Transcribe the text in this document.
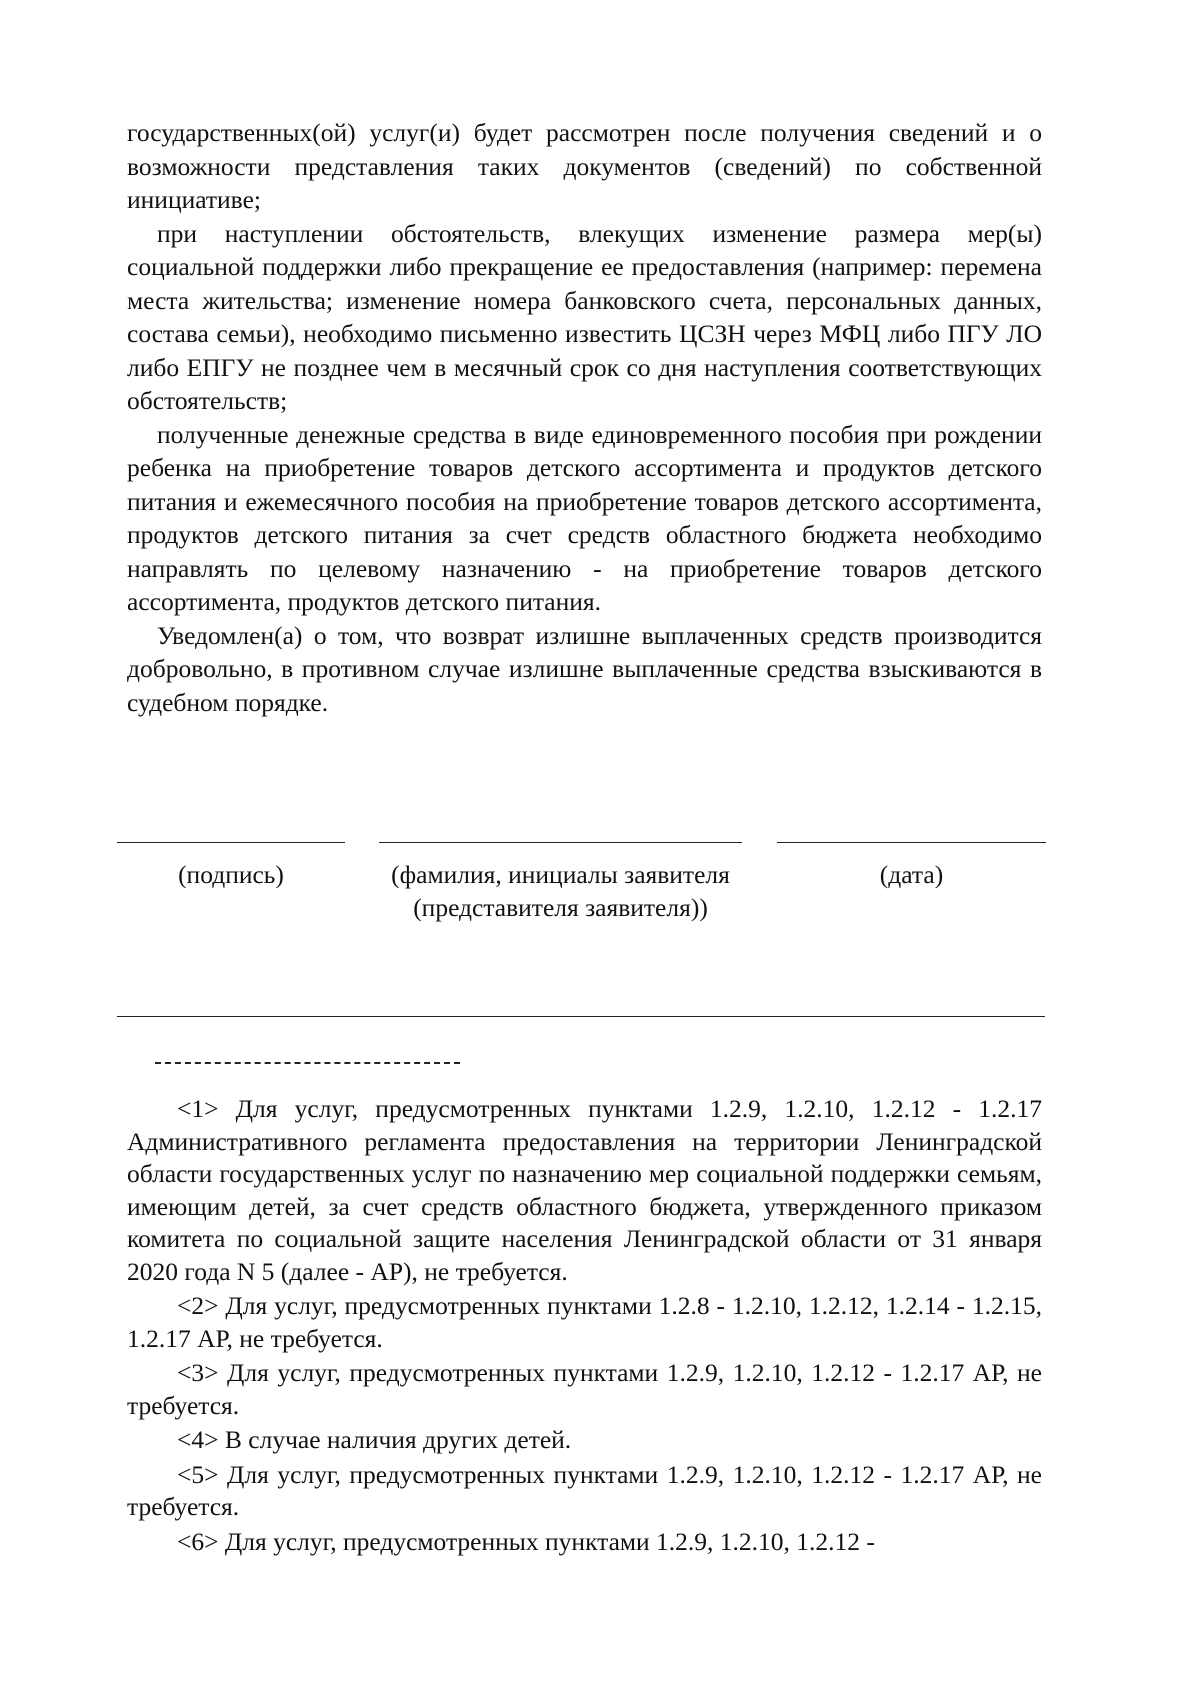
государственных(ой) услуг(и) будет рассмотрен после получения сведений и о возможности представления таких документов (сведений) по собственной инициативе;

при наступлении обстоятельств, влекущих изменение размера мер(ы) социальной поддержки либо прекращение ее предоставления (например: перемена места жительства; изменение номера банковского счета, персональных данных, состава семьи), необходимо письменно известить ЦСЗН через МФЦ либо ПГУ ЛО либо ЕПГУ не позднее чем в месячный срок со дня наступления соответствующих обстоятельств;

полученные денежные средства в виде единовременного пособия при рождении ребенка на приобретение товаров детского ассортимента и продуктов детского питания и ежемесячного пособия на приобретение товаров детского ассортимента, продуктов детского питания за счет средств областного бюджета необходимо направлять по целевому назначению - на приобретение товаров детского ассортимента, продуктов детского питания.

Уведомлен(а) о том, что возврат излишне выплаченных средств производится добровольно, в противном случае излишне выплаченные средства взыскиваются в судебном порядке.

(подпись)	(фамилия, инициалы заявителя (представителя заявителя))
(дата)

<1> Для услуг, предусмотренных пунктами 1.2.9, 1.2.10, 1.2.12 - 1.2.17 Административного регламента предоставления на территории Ленинградской области государственных услуг по назначению мер социальной поддержки семьям, имеющим детей, за счет средств областного бюджета, утвержденного приказом комитета по социальной защите населения Ленинградской области от 31 января 2020 года N 5 (далее - АР), не требуется.

<2> Для услуг, предусмотренных пунктами 1.2.8 - 1.2.10, 1.2.12, 1.2.14 - 1.2.15, 1.2.17 АР, не требуется.

<3> Для услуг, предусмотренных пунктами 1.2.9, 1.2.10, 1.2.12 - 1.2.17 АР, не требуется.

<4> В случае наличия других детей.

<5> Для услуг, предусмотренных пунктами 1.2.9, 1.2.10, 1.2.12 - 1.2.17 АР, не требуется.

<6> Для услуг, предусмотренных пунктами 1.2.9, 1.2.10, 1.2.12 -
